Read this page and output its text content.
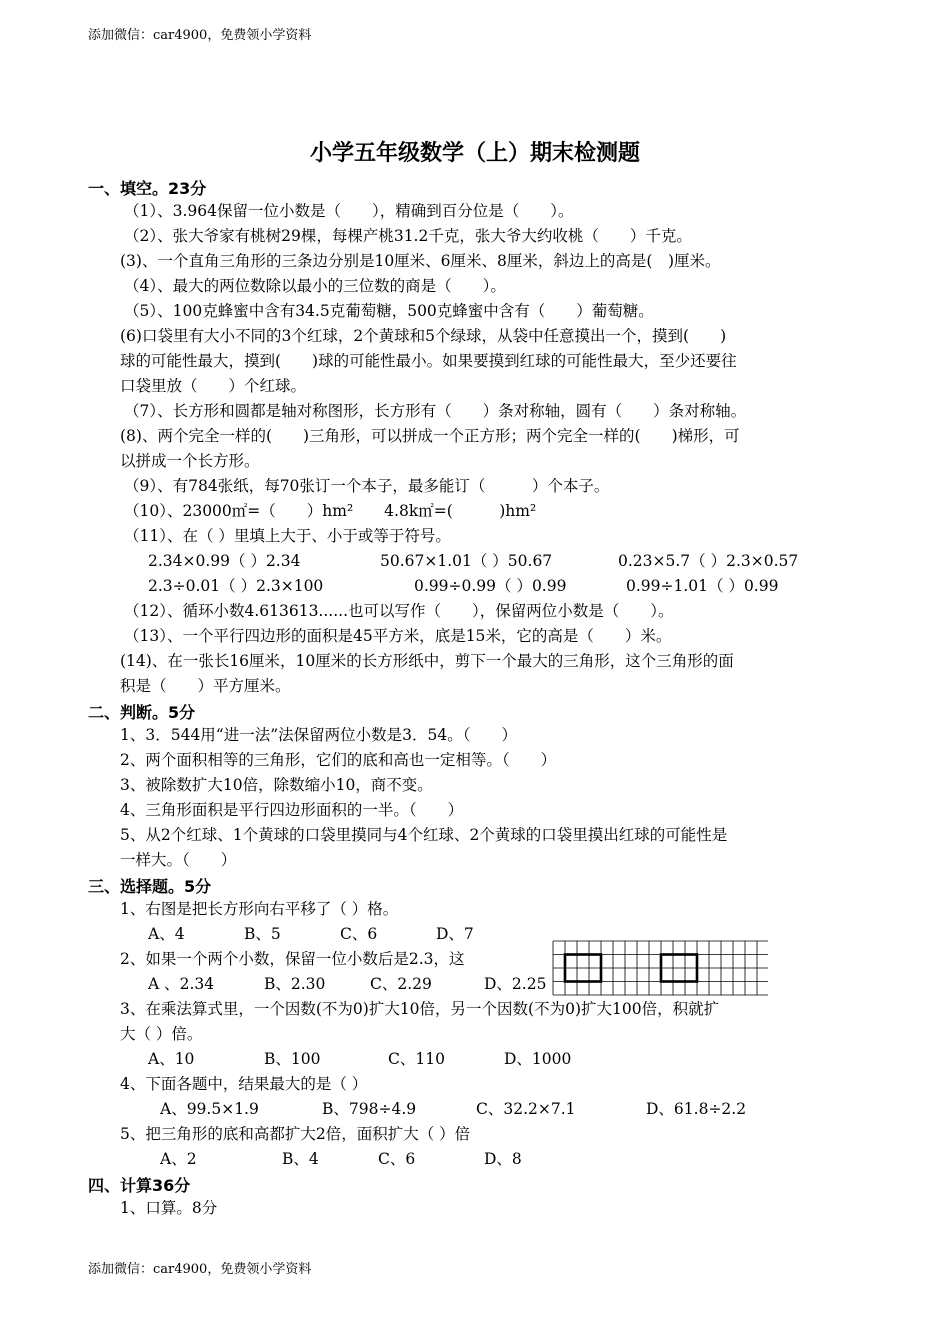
添加微信：car4900，免费领小学资料
小学五年级数学（上）期末检测题
一、填空。23分
（1）、3.964保留一位小数是（　　），精确到百分位是（　　）。
（2）、张大爷家有桃树29棵，每棵产桃31.2千克，张大爷大约收桃（　　）千克。
(3)、一个直角三角形的三条边分别是10厘米、6厘米、8厘米，斜边上的高是(　)厘米。
（4）、最大的两位数除以最小的三位数的商是（　　）。
（5）、100克蜂蜜中含有34.5克葡萄糖，500克蜂蜜中含有（　　）葡萄糖。
(6)口袋里有大小不同的3个红球，2个黄球和5个绿球，从袋中任意摸出一个，摸到(　　)
球的可能性最大，摸到(　　)球的可能性最小。如果要摸到红球的可能性最大，至少还要往
口袋里放（　　）个红球。
（7）、长方形和圆都是轴对称图形，长方形有（　　）条对称轴，圆有（　　）条对称轴。
(8)、两个完全一样的(　　)三角形，可以拼成一个正方形；两个完全一样的(　　)梯形，可
以拼成一个长方形。
（9）、有784张纸，每70张订一个本子，最多能订（　　　）个本子。
（10）、23000㎡=（　　）hm²　　4.8k㎡=(　　　)hm²
（11）、在（ ）里填上大于、小于或等于符号。
2.34×0.99（ ）2.34	50.67×1.01（ ）50.67	0.23×5.7（ ）2.3×0.57
2.3÷0.01（ ）2.3×100	0.99÷0.99（ ）0.99	0.99÷1.01（ ）0.99
（12）、循环小数4.613613......也可以写作（　　），保留两位小数是（　　）。
（13）、一个平行四边形的面积是45平方米，底是15米，它的高是（　　）米。
(14)、在一张长16厘米，10厘米的长方形纸中，剪下一个最大的三角形，这个三角形的面
积是（　　）平方厘米。
二、判断。5分
1、3．544用“进一法”法保留两位小数是3．54。（　　）
2、两个面积相等的三角形，它们的底和高也一定相等。（　　）
3、被除数扩大10倍，除数缩小10，商不变。
4、三角形面积是平行四边形面积的一半。（　　）
5、从2个红球、1个黄球的口袋里摸同与4个红球、2个黄球的口袋里摸出红球的可能性是
一样大。（　　）
三、选择题。5分
1、右图是把长方形向右平移了（ ）格。
A、4	B、5	C、6	D、7
2、如果一个两个小数，保留一位小数后是2.3，这
A 、2.34	B、2.30	C、2.29	D、2.25
3、在乘法算式里，一个因数(不为0)扩大10倍，另一个因数(不为0)扩大100倍，积就扩
大（ ）倍。
A、10	B、100	C、110	D、1000
4、下面各题中，结果最大的是（ ）
A、99.5×1.9	B、798÷4.9	C、32.2×7.1	D、61.8÷2.2
5、把三角形的底和高都扩大2倍，面积扩大（ ）倍
A、2	B、4	C、6	D、8
四、计算36分
1、口算。8分
添加微信：car4900，免费领小学资料
